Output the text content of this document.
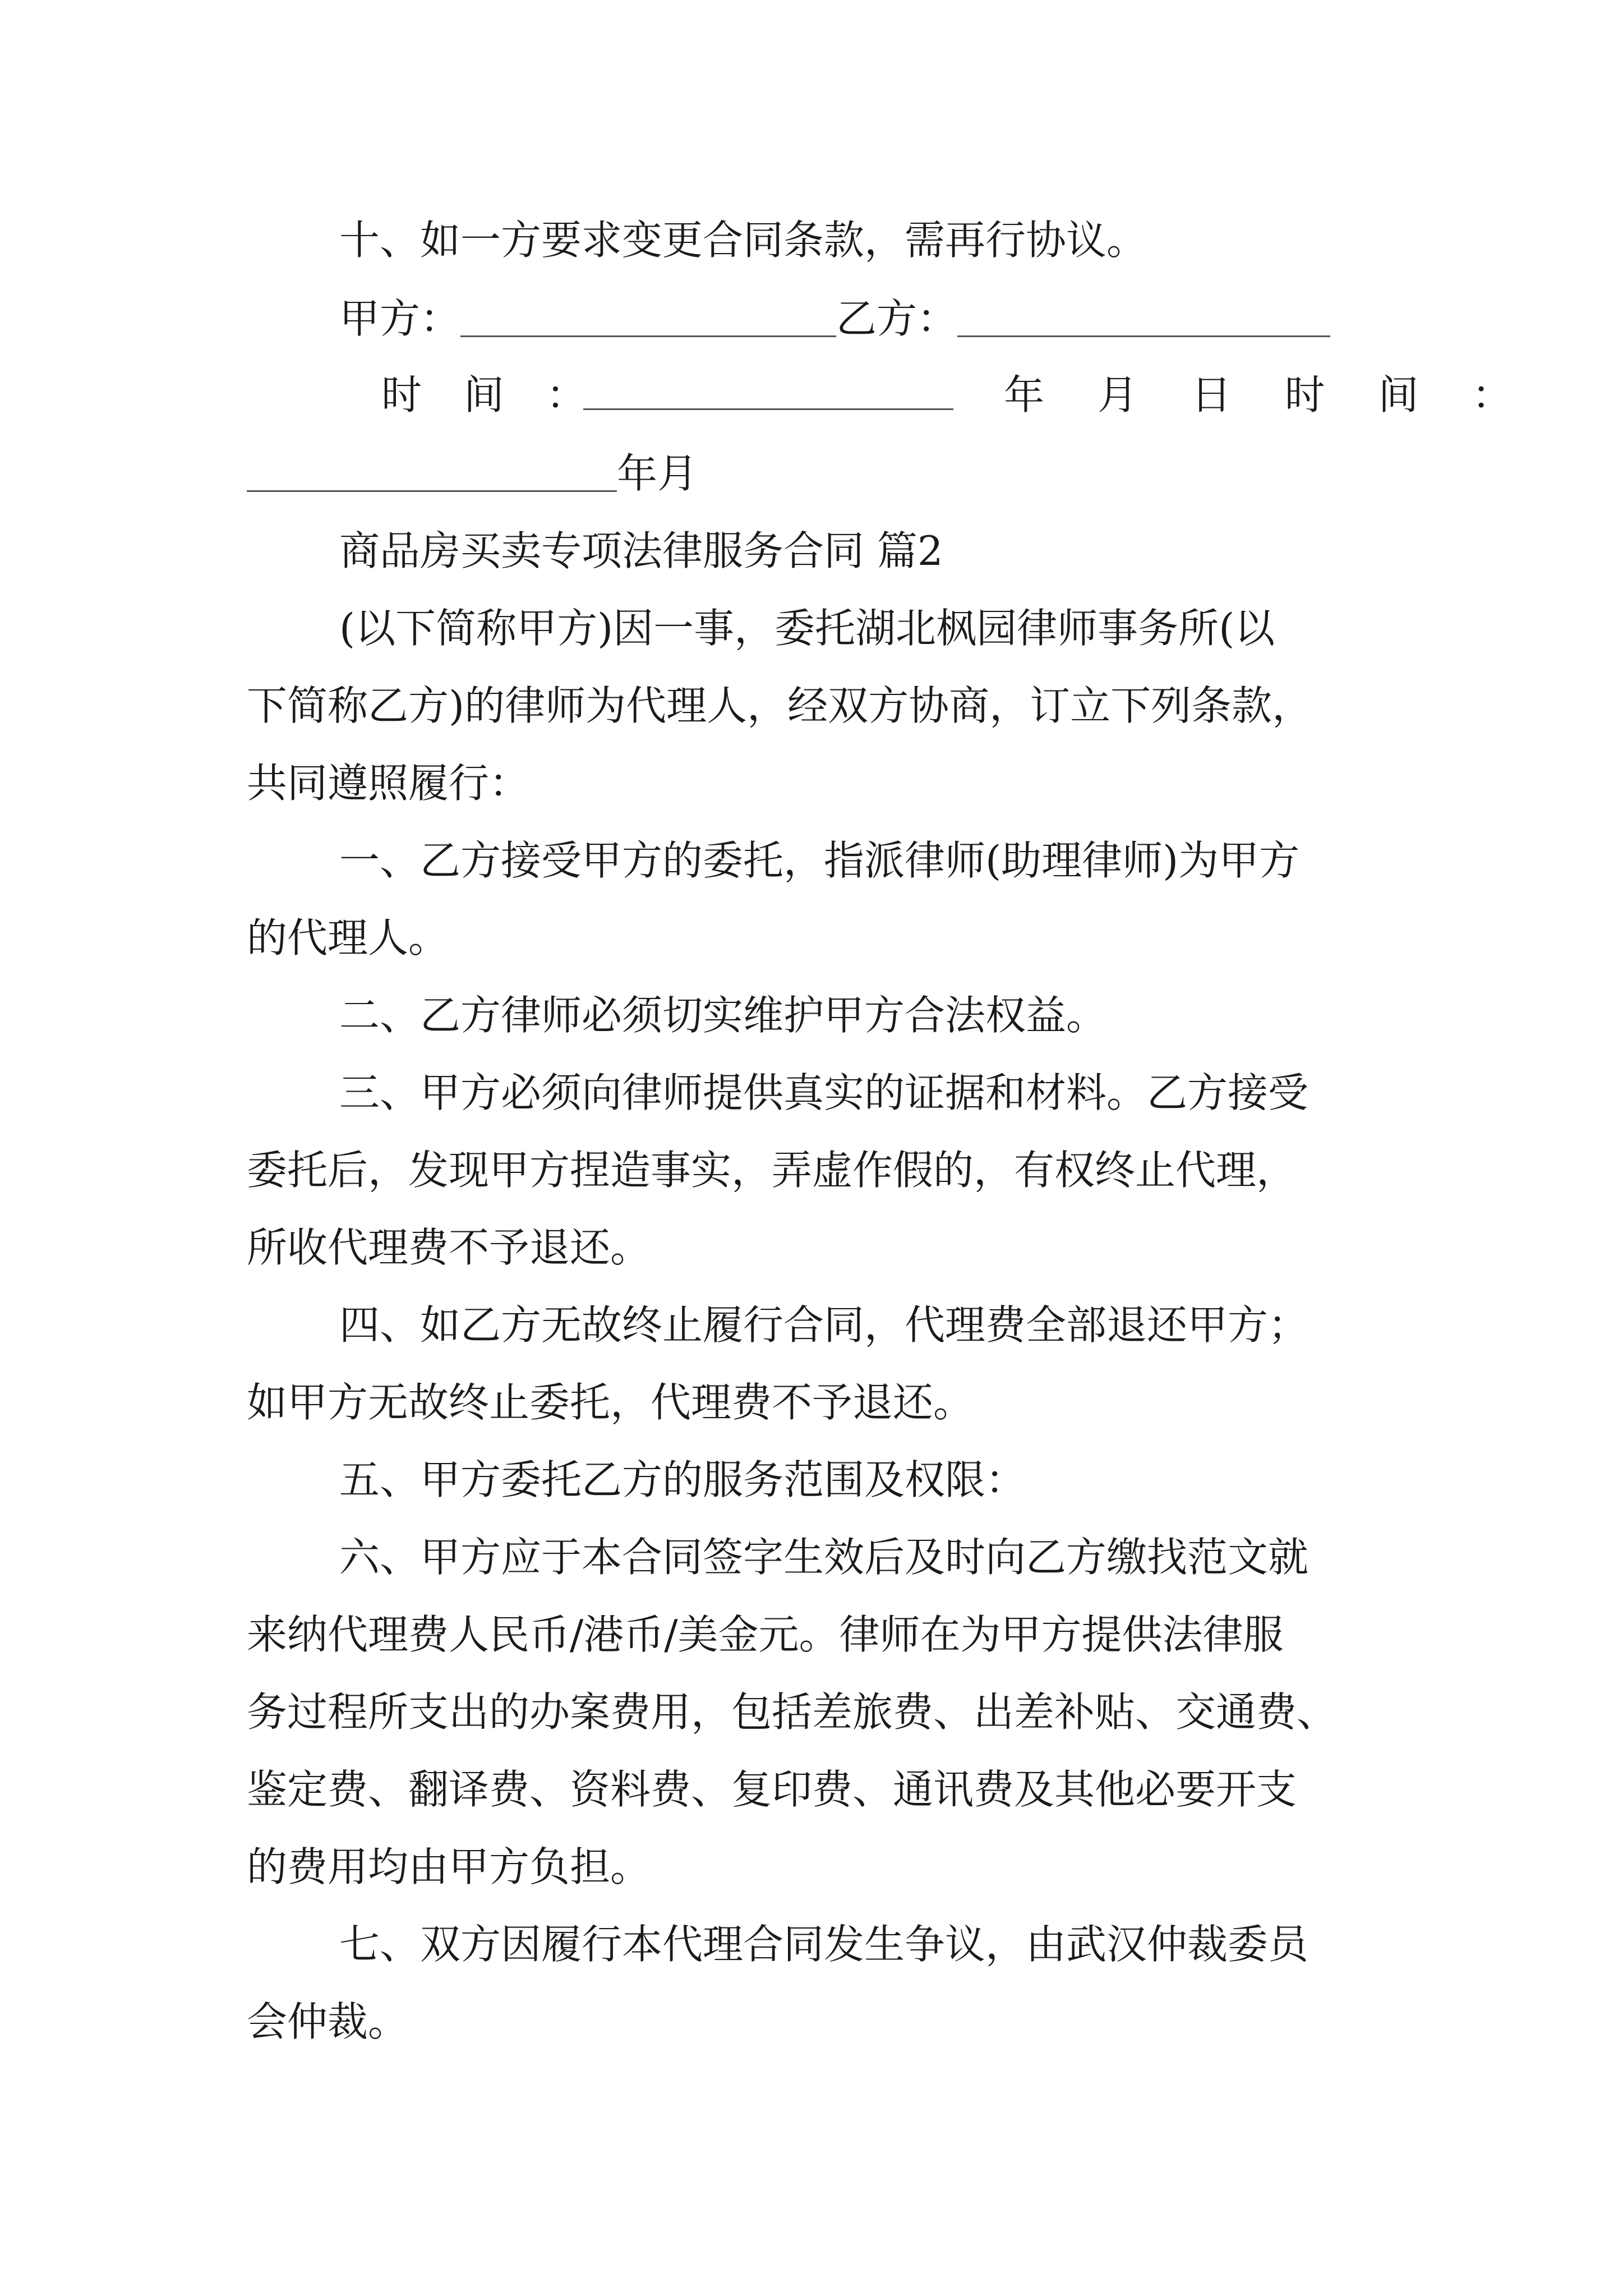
十、如一方要求变更合同条款，需再行协议。
甲方：	乙方：
时 间 ：	年 月 日 时 间 ：
年月
商品房买卖专项法律服务合同 篇2
(以下简称甲方)因一事，委托湖北枫园律师事务所(以
下简称乙方)的律师为代理人，经双方协商，订立下列条款，
共同遵照履行：
一、乙方接受甲方的委托，指派律师(助理律师)为甲方
的代理人。
二、乙方律师必须切实维护甲方合法权益。
三、甲方必须向律师提供真实的证据和材料。乙方接受
委托后，发现甲方捏造事实，弄虚作假的，有权终止代理，
所收代理费不予退还。
四、如乙方无故终止履行合同，代理费全部退还甲方；
如甲方无故终止委托，代理费不予退还。
五、甲方委托乙方的服务范围及权限：
六、甲方应于本合同签字生效后及时向乙方缴找范文就
来纳代理费人民币/港币/美金元。律师在为甲方提供法律服
务过程所支出的办案费用，包括差旅费、出差补贴、交通费、
鉴定费、翻译费、资料费、复印费、通讯费及其他必要开支
的费用均由甲方负担。
七、双方因履行本代理合同发生争议，由武汉仲裁委员
会仲裁。
